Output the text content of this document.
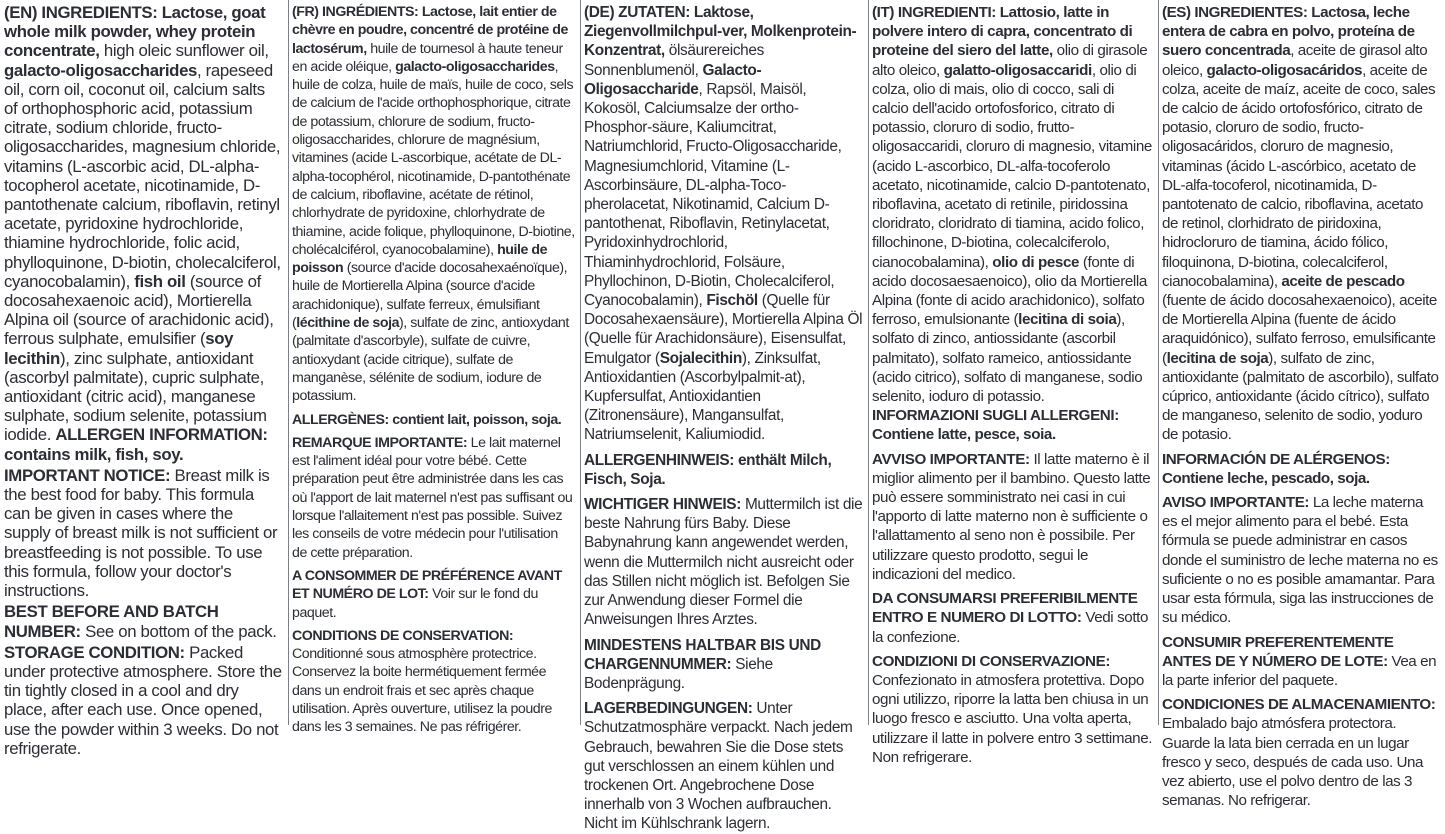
(EN) INGREDIENTS: Lactose, goat whole milk powder, whey protein concentrate, high oleic sunflower oil, galacto-oligosaccharides, rapeseed oil, corn oil, coconut oil, calcium salts of orthophosphoric acid, potassium citrate, sodium chloride, fructo-oligosaccharides, magnesium chloride, vitamins (L-ascorbic acid, DL-alpha-tocopherol acetate, nicotinamide, D-pantothenate calcium, riboflavin, retinyl acetate, pyridoxine hydrochloride, thiamine hydrochloride, folic acid, phylloquinone, D-biotin, cholecalciferol, cyanocobalamin), fish oil (source of docosahexaenoic acid), Mortierella Alpina oil (source of arachidonic acid), ferrous sulphate, emulsifier (soy lecithin), zinc sulphate, antioxidant (ascorbyl palmitate), cupric sulphate, antioxidant (citric acid), manganese sulphate, sodium selenite, potassium iodide. ALLERGEN INFORMATION: contains milk, fish, soy.

IMPORTANT NOTICE: Breast milk is the best food for baby. This formula can be given in cases where the supply of breast milk is not sufficient or breastfeeding is not possible. To use this formula, follow your doctor's instructions.

BEST BEFORE AND BATCH NUMBER: See on bottom of the pack.

STORAGE CONDITION: Packed under protective atmosphere. Store the tin tightly closed in a cool and dry place, after each use. Once opened, use the powder within 3 weeks. Do not refrigerate.

(FR) INGRÉDIENTS: Lactose, lait entier de chèvre en poudre, concentré de protéine de lactosérum, huile de tournesol à haute teneur en acide oléique, galacto-oligosaccharides, huile de colza, huile de maïs, huile de coco, sels de calcium de l'acide orthophosphorique, citrate de potassium, chlorure de sodium, fructo-oligosaccharides, chlorure de magnésium, vitamines (acide L-ascorbique, acétate de DL-alpha-tocophérol, nicotinamide, D-pantothénate de calcium, riboflavine, acétate de rétinol, chlorhydrate de pyridoxine, chlorhydrate de thiamine, acide folique, phylloquinone, D-biotine, cholécalciférol, cyanocobalamine), huile de poisson (source d'acide docosahexaénoïque), huile de Mortierella Alpina (source d'acide arachidonique), sulfate ferreux, émulsifiant (lécithine de soja), sulfate de zinc, antioxydant (palmitate d'ascorbyle), sulfate de cuivre, antioxydant (acide citrique), sulfate de manganèse, sélénite de sodium, iodure de potassium.

ALLERGÈNES: contient lait, poisson, soja.

REMARQUE IMPORTANTE: Le lait maternel est l'aliment idéal pour votre bébé. Cette préparation peut être administrée dans les cas où l'apport de lait maternel n'est pas suffisant ou lorsque l'allaitement n'est pas possible. Suivez les conseils de votre médecin pour l'utilisation de cette préparation.

A CONSOMMER DE PRÉFÉRENCE AVANT ET NUMÉRO DE LOT: Voir sur le fond du paquet.

CONDITIONS DE CONSERVATION: Conditionné sous atmosphère protectrice. Conservez la boite hermétiquement fermée dans un endroit frais et sec après chaque utilisation. Après ouverture, utilisez la poudre dans les 3 semaines. Ne pas réfrigérer.

(DE) ZUTATEN: Laktose, Ziegenvollmilchpul-ver, Molkenprotein-Konzentrat, ölsäurereiches Sonnenblumenöl, Galacto-Oligosaccharide, Rapsöl, Maisöl, Kokosöl, Calciumsalze der ortho-Phosphor-säure, Kaliumcitrat, Natriumchlorid, Fructo-Oligosaccharide, Magnesiumchlorid, Vitamine (L-Ascorbinsäure, DL-alpha-Toco-pherolacetat, Nikotinamid, Calcium D-pantothenat, Riboflavin, Retinylacetat, Pyridoxinhydrochlorid, Thiaminhydrochlorid, Folsäure, Phyllochinon, D-Biotin, Cholecalciferol, Cyanocobalamin), Fischöl (Quelle für Docosahexaensäure), Mortierella Alpina Öl (Quelle für Arachidonsäure), Eisensulfat, Emulgator (Sojalecithin), Zinksulfat, Antioxidantien (Ascorbylpalmit-at), Kupfersulfat, Antioxidantien (Zitronensäure), Mangansulfat, Natriumselenit, Kaliumiodid.

ALLERGENHINWEIS: enthält Milch, Fisch, Soja.

WICHTIGER HINWEIS: Muttermilch ist die beste Nahrung fürs Baby. Diese Babynahrung kann angewendet werden, wenn die Muttermilch nicht ausreicht oder das Stillen nicht möglich ist. Befolgen Sie zur Anwendung dieser Formel die Anweisungen Ihres Arztes.

MINDESTENS HALTBAR BIS UND CHARGENNUMMER: Siehe Bodenprägung.

LAGERBEDINGUNGEN: Unter Schutzatmosphäre verpackt. Nach jedem Gebrauch, bewahren Sie die Dose stets gut verschlossen an einem kühlen und trockenen Ort. Angebrochene Dose innerhalb von 3 Wochen aufbrauchen. Nicht im Kühlschrank lagern.

(IT) INGREDIENTI: Lattosio, latte in polvere intero di capra, concentrato di proteine del siero del latte, olio di girasole alto oleico, galatto-oligosaccaridi, olio di colza, olio di mais, olio di cocco, sali di calcio dell'acido ortofosforico, citrato di potassio, cloruro di sodio, frutto-oligosaccaridi, cloruro di magnesio, vitamine (acido L-ascorbico, DL-alfa-tocoferolo acetato, nicotinamide, calcio D-pantotenato, riboflavina, acetato di retinile, piridossina cloridrato, cloridrato di tiamina, acido folico, fillochinone, D-biotina, colecalciferolo, cianocobalamina), olio di pesce (fonte di acido docosaesaenoico), olio da Mortierella Alpina (fonte di acido arachidonico), solfato ferroso, emulsionante (lecitina di soia), solfato di zinco, antiossidante (ascorbil palmitato), solfato rameico, antiossidante (acido citrico), solfato di manganese, sodio selenito, ioduro di potassio. INFORMAZIONI SUGLI ALLERGENI: Contiene latte, pesce, soia.

AVVISO IMPORTANTE: Il latte materno è il miglior alimento per il bambino. Questo latte può essere somministrato nei casi in cui l'apporto di latte materno non è sufficiente o l'allattamento al seno non è possibile. Per utilizzare questo prodotto, segui le indicazioni del medico.

DA CONSUMARSI PREFERIBILMENTE ENTRO E NUMERO DI LOTTO: Vedi sotto la confezione.

CONDIZIONI DI CONSERVAZIONE: Confezionato in atmosfera protettiva. Dopo ogni utilizzo, riporre la latta ben chiusa in un luogo fresco e asciutto. Una volta aperta, utilizzare il latte in polvere entro 3 settimane. Non refrigerare.

(ES) INGREDIENTES: Lactosa, leche entera de cabra en polvo, proteína de suero concentrada, aceite de girasol alto oleico, galacto-oligosacáridos, aceite de colza, aceite de maíz, aceite de coco, sales de calcio de ácido ortofosfórico, citrato de potasio, cloruro de sodio, fructo-oligosacáridos, cloruro de magnesio, vitaminas (ácido L-ascórbico, acetato de DL-alfa-tocoferol, nicotinamida, D-pantotenato de calcio, riboflavina, acetato de retinol, clorhidrato de piridoxina, hidrocloruro de tiamina, ácido fólico, filoquinona, D-biotina, colecalciferol, cianocobalamina), aceite de pescado (fuente de ácido docosahexaenoico), aceite de Mortierella Alpina (fuente de ácido araquidónico), sulfato ferroso, emulsificante (lecitina de soja), sulfato de zinc, antioxidante (palmitato de ascorbilo), sulfato cúprico, antioxidante (ácido cítrico), sulfato de manganeso, selenito de sodio, yoduro de potasio.

INFORMACIÓN DE ALÉRGENOS: Contiene leche, pescado, soja.

AVISO IMPORTANTE: La leche materna es el mejor alimento para el bebé. Esta fórmula se puede administrar en casos donde el suministro de leche materna no es suficiente o no es posible amamantar. Para usar esta fórmula, siga las instrucciones de su médico.

CONSUMIR PREFERENTEMENTE ANTES DE Y NÚMERO DE LOTE: Vea en la parte inferior del paquete.

CONDICIONES DE ALMACENAMIENTO: Embalado bajo atmósfera protectora. Guarde la lata bien cerrada en un lugar fresco y seco, después de cada uso. Una vez abierto, use el polvo dentro de las 3 semanas. No refrigerar.
